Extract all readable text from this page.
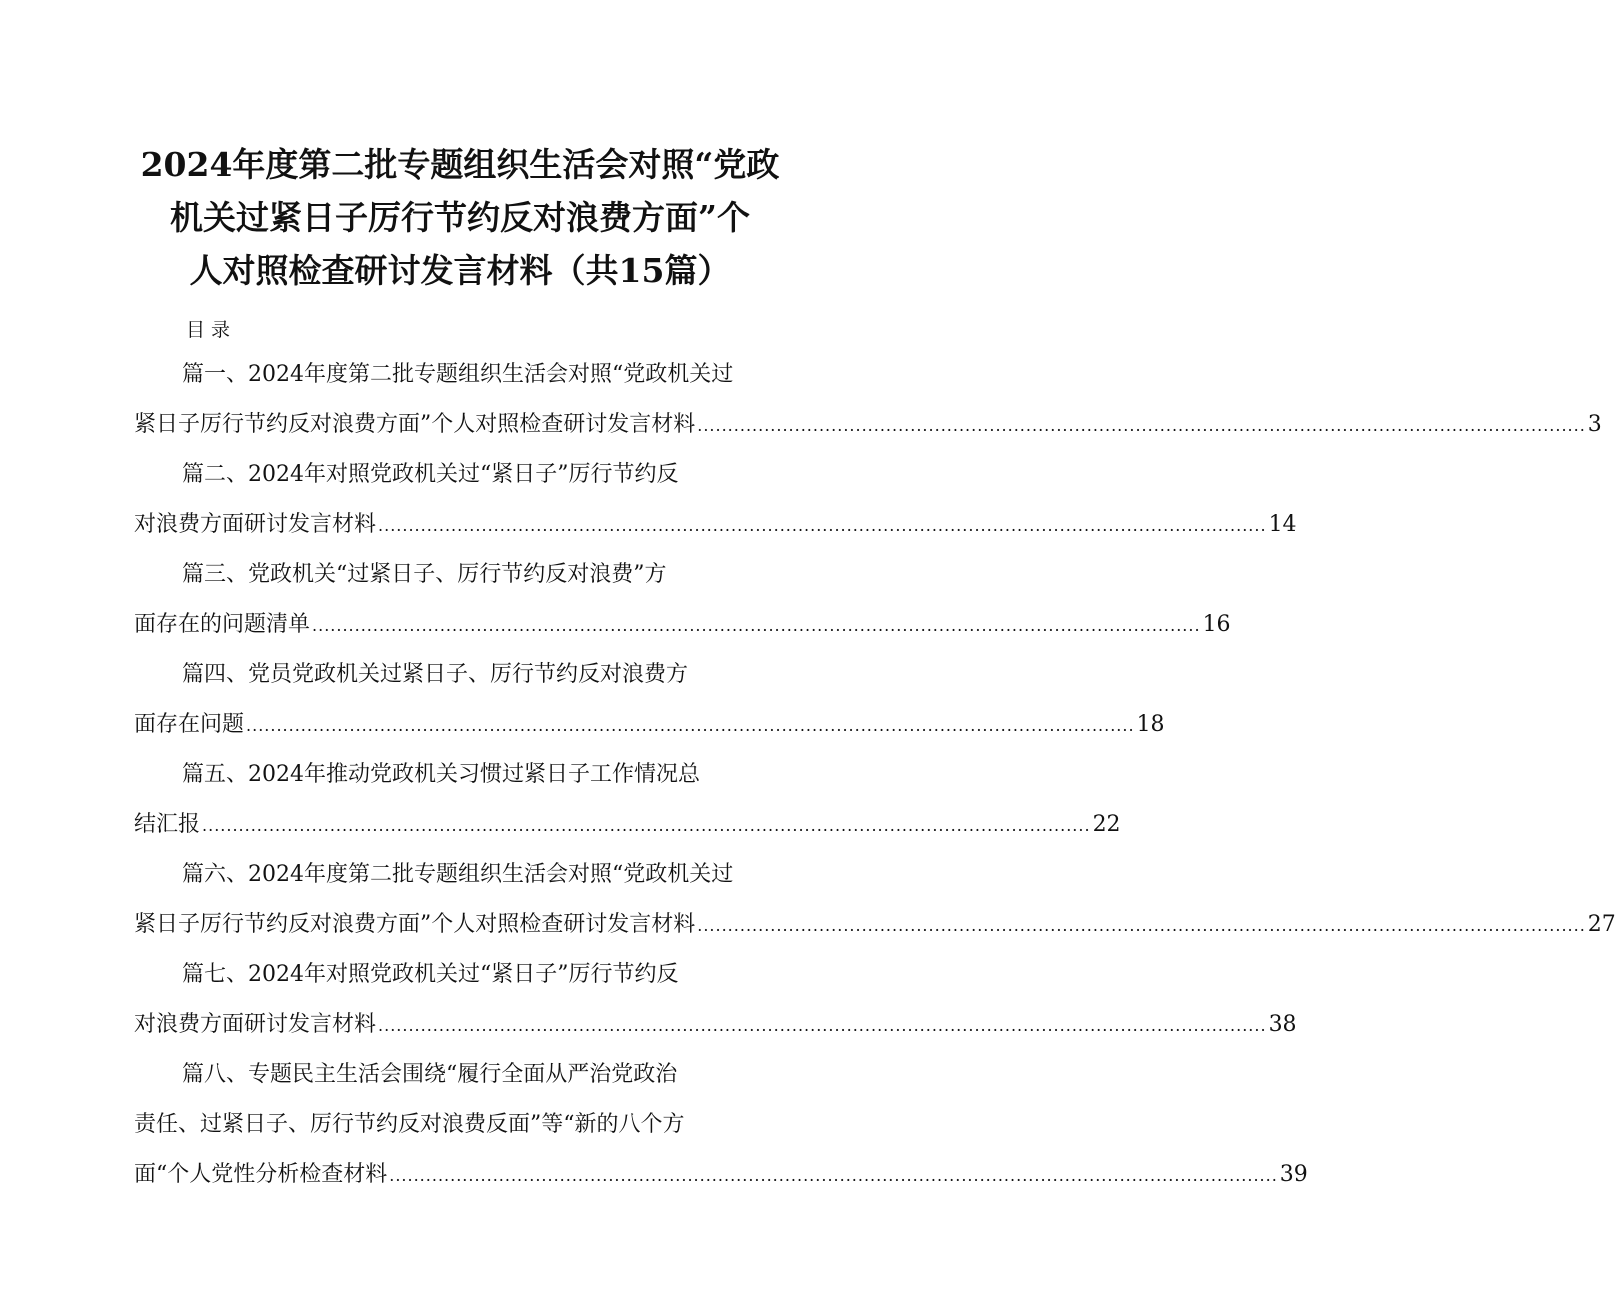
2024年度第二批专题组织生活会对照“党政
机关过紧日子厉行节约反对浪费方面”个
人对照检查研讨发言材料（共15篇）
目录
篇一、2024年度第二批专题组织生活会对照“党政机关过
紧日子厉行节约反对浪费方面”个人对照检查研讨发言材料 .................................................................................................................................................. 3
篇二、2024年对照党政机关过“紧日子”厉行节约反
对浪费方面研讨发言材料 .................................................................................................................................................. 14
篇三、党政机关“过紧日子、厉行节约反对浪费”方
面存在的问题清单 .................................................................................................................................................. 16
篇四、党员党政机关过紧日子、厉行节约反对浪费方
面存在问题 .................................................................................................................................................. 18
篇五、2024年推动党政机关习惯过紧日子工作情况总
结汇报 .................................................................................................................................................. 22
篇六、2024年度第二批专题组织生活会对照“党政机关过
紧日子厉行节约反对浪费方面”个人对照检查研讨发言材料 .................................................................................................................................................. 27
篇七、2024年对照党政机关过“紧日子”厉行节约反
对浪费方面研讨发言材料 .................................................................................................................................................. 38
篇八、专题民主生活会围绕“履行全面从严治党政治
责任、过紧日子、厉行节约反对浪费反面”等“新的八个方
面“个人党性分析检查材料 .................................................................................................................................................. 39
